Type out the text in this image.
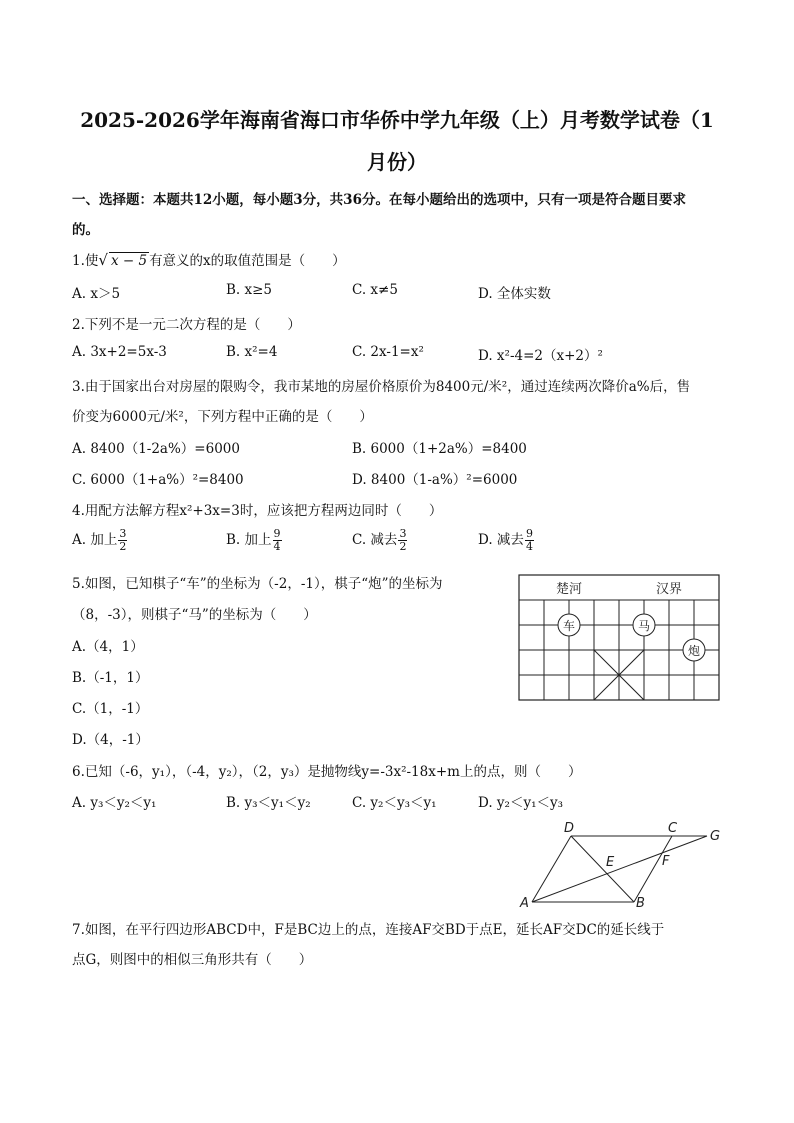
2025-2026学年海南省海口市华侨中学九年级（上）月考数学试卷（1
月份）
一、选择题：本题共12小题，每小题3分，共36分。在每小题给出的选项中，只有一项是符合题目要求
的。
1.使√ x − 5 有意义的x的取值范围是（　　）
A. x＞5	B. x≥5	C. x≠5	D. 全体实数
2.下列不是一元二次方程的是（　　）
A. 3x+2=5x-3	B. x²=4	C. 2x-1=x²	D. x²-4=2（x+2）²
3.由于国家出台对房屋的限购令，我市某地的房屋价格原价为8400元/米²，通过连续两次降价a%后，售
价变为6000元/米²，下列方程中正确的是（　　）
A. 8400（1-2a%）=6000	B. 6000（1+2a%）=8400
C. 6000（1+a%）²=8400	D. 8400（1-a%）²=6000
4.用配方法解方程x²+3x=3时，应该把方程两边同时（　　）
A. 加上 $\frac{3}{2}$	B. 加上 $\frac{9}{4}$	C. 减去 $\frac{3}{2}$	D. 减去 $\frac{9}{4}$
5.如图，已知棋子“车”的坐标为（-2，-1），棋子“炮”的坐标为
（8，-3），则棋子“马”的坐标为（　　）
A.（4，1）
B.（-1，1）
C.（1，-1）
D.（4，-1）
楚河	汉界
车	马
炮
6.已知（-6，y₁），（-4，y₂），（2，y₃）是抛物线y=-3x²-18x+m上的点，则（　　）
A. y₃＜y₂＜y₁	B. y₃＜y₁＜y₂	C. y₂＜y₃＜y₁	D. y₂＜y₁＜y₃
D	C
G
E	F
A	B
7.如图，在平行四边形ABCD中，F是BC边上的点，连接AF交BD于点E，延长AF交DC的延长线于
点G，则图中的相似三角形共有（　　）
